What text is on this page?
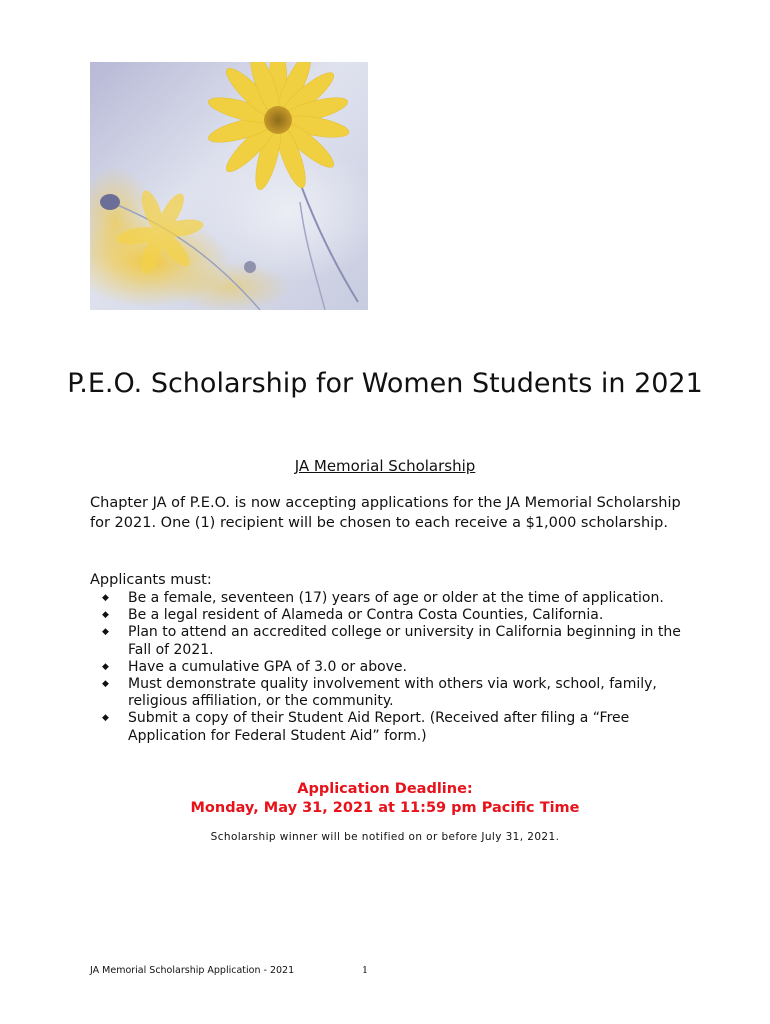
P.E.O. Scholarship for Women Students in 2021

JA Memorial Scholarship

Chapter JA of P.E.O. is now accepting applications for the JA Memorial Scholarship for 2021. One (1) recipient will be chosen to each receive a $1,000 scholarship.

Applicants must:

◆ Be a female, seventeen (17) years of age or older at the time of application.
◆ Be a legal resident of Alameda or Contra Costa Counties, California.
◆ Plan to attend an accredited college or university in California beginning in the Fall of 2021.
◆ Have a cumulative GPA of 3.0 or above.
◆ Must demonstrate quality involvement with others via work, school, family, religious affiliation, or the community.
◆ Submit a copy of their Student Aid Report. (Received after filing a “Free Application for Federal Student Aid” form.)
Application Deadline:
Monday, May 31, 2021 at 11:59 pm Pacific Time
Scholarship winner will be notified on or before July 31, 2021.
JA Memorial Scholarship Application - 2021	1
